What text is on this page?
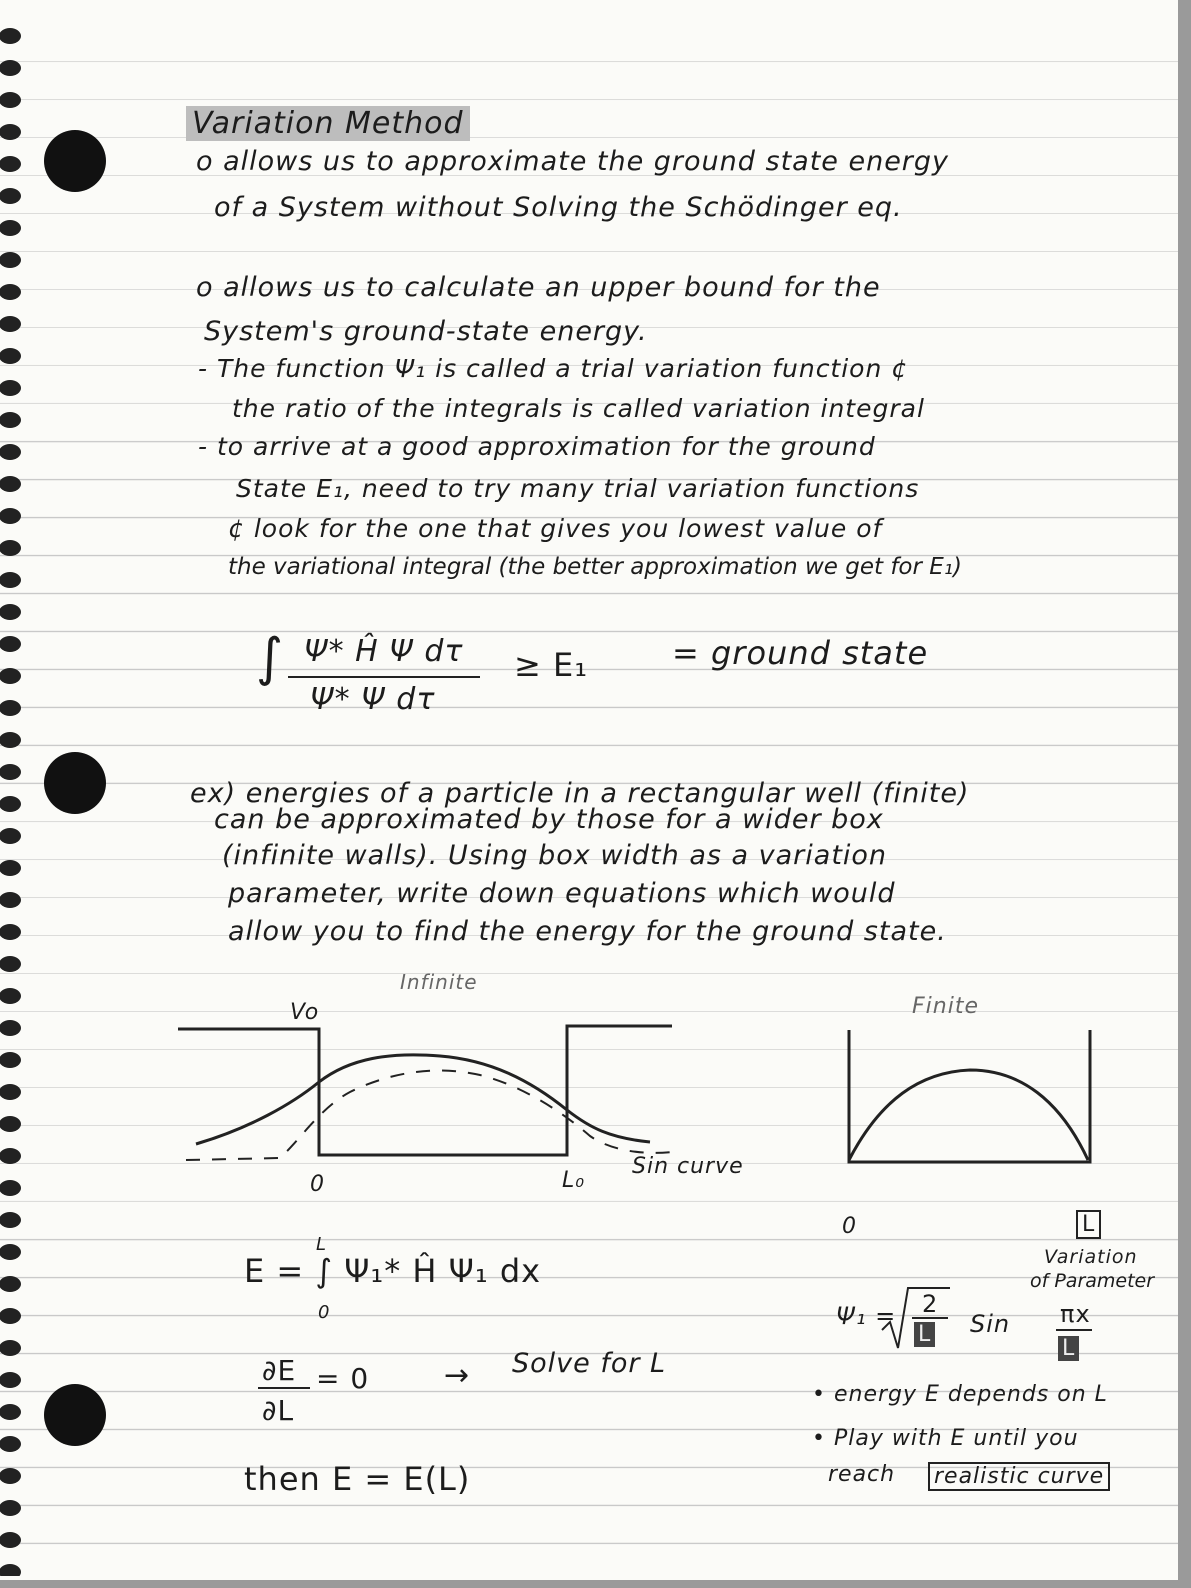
Variation Method
o allows us to approximate the ground state energy
of a System without Solving the Schödinger eq.
o allows us to calculate an upper bound for the
System's ground-state energy.
- The function Ψ₁ is called a trial variation function ¢
the ratio of the integrals is called variation integral
- to arrive at a good approximation for the ground
State E₁, need to try many trial variation functions
¢ look for the one that gives you lowest value of
the variational integral (the better approximation we get for E₁)
∫ Ψ* Ĥ Ψ dτ
Ψ* Ψ dτ
≥ E₁	= ground state
ex) energies of a particle in a rectangular well (finite)
can be approximated by those for a wider box
(infinite walls). Using box width as a variation
parameter, write down equations which would
allow you to find the energy for the ground state.
Infinite
Vo
0	L₀
Sin curve
Finite
0	L
Variation
of Parameter
L
E = ∫ Ψ₁* Ĥ Ψ₁ dx
0
∂E
∂L
= 0 → Solve for L
then E = E(L)
Ψ₁ = 2
L Sin πx
L
• energy E depends on L
• Play with E until you
reach realistic curve
